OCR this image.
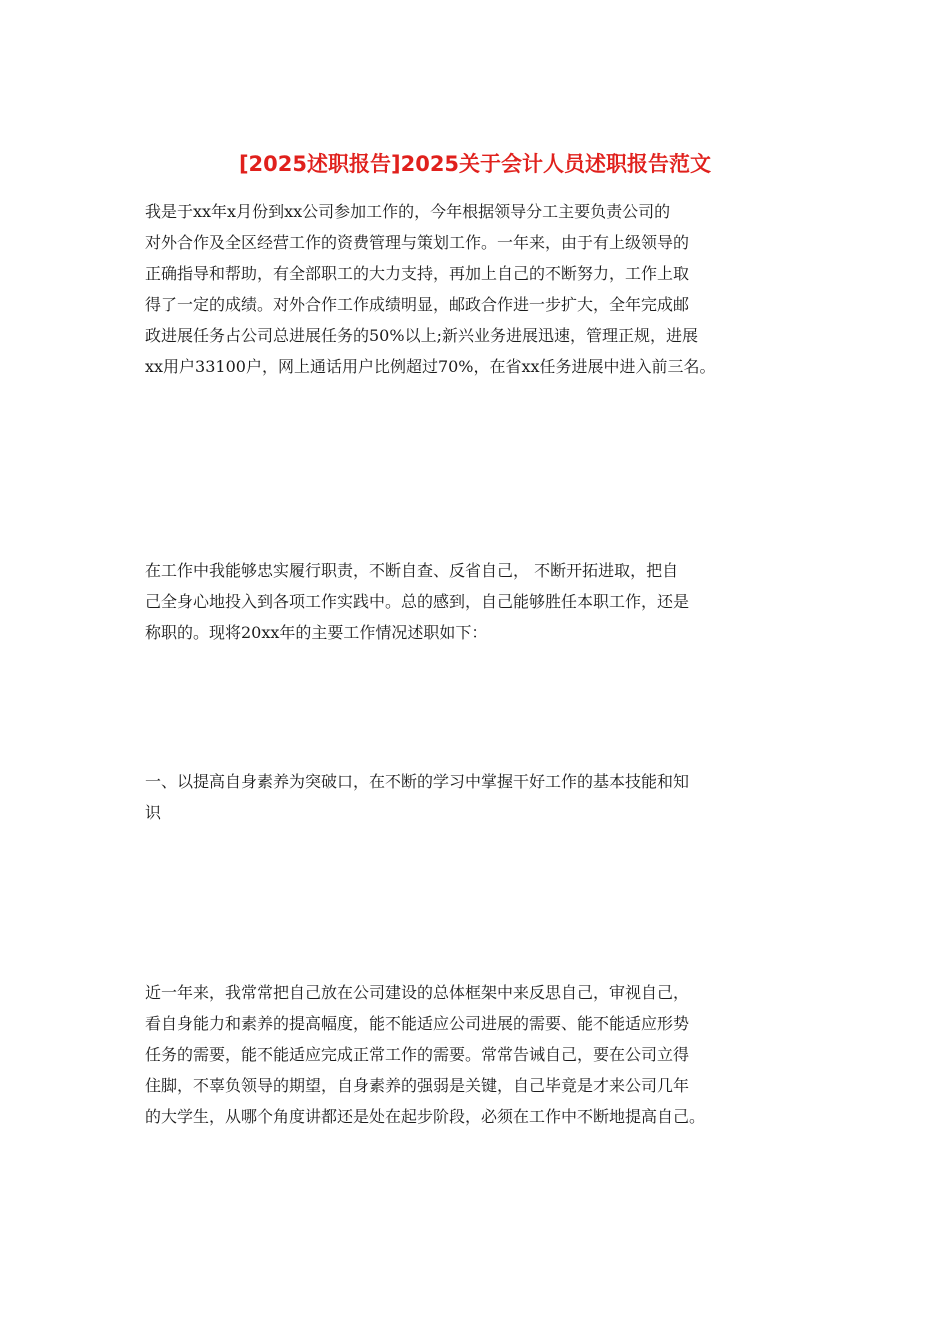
[2025述职报告]2025关于会计人员述职报告范文
我是于xx年x月份到xx公司参加工作的，今年根据领导分工主要负责公司的
对外合作及全区经营工作的资费管理与策划工作。一年来，由于有上级领导的
正确指导和帮助，有全部职工的大力支持，再加上自己的不断努力，工作上取
得了一定的成绩。对外合作工作成绩明显，邮政合作进一步扩大，全年完成邮
政进展任务占公司总进展任务的50%以上;新兴业务进展迅速，管理正规，进展
xx用户33100户，网上通话用户比例超过70%，在省xx任务进展中进入前三名。
在工作中我能够忠实履行职责，不断自查、反省自己， 不断开拓进取，把自
己全身心地投入到各项工作实践中。总的感到，自己能够胜任本职工作，还是
称职的。现将20xx年的主要工作情况述职如下：
一、以提高自身素养为突破口，在不断的学习中掌握干好工作的基本技能和知
识
近一年来，我常常把自己放在公司建设的总体框架中来反思自己，审视自己，
看自身能力和素养的提高幅度，能不能适应公司进展的需要、能不能适应形势
任务的需要，能不能适应完成正常工作的需要。常常告诫自己，要在公司立得
住脚，不辜负领导的期望，自身素养的强弱是关键，自己毕竟是才来公司几年
的大学生，从哪个角度讲都还是处在起步阶段，必须在工作中不断地提高自己。
